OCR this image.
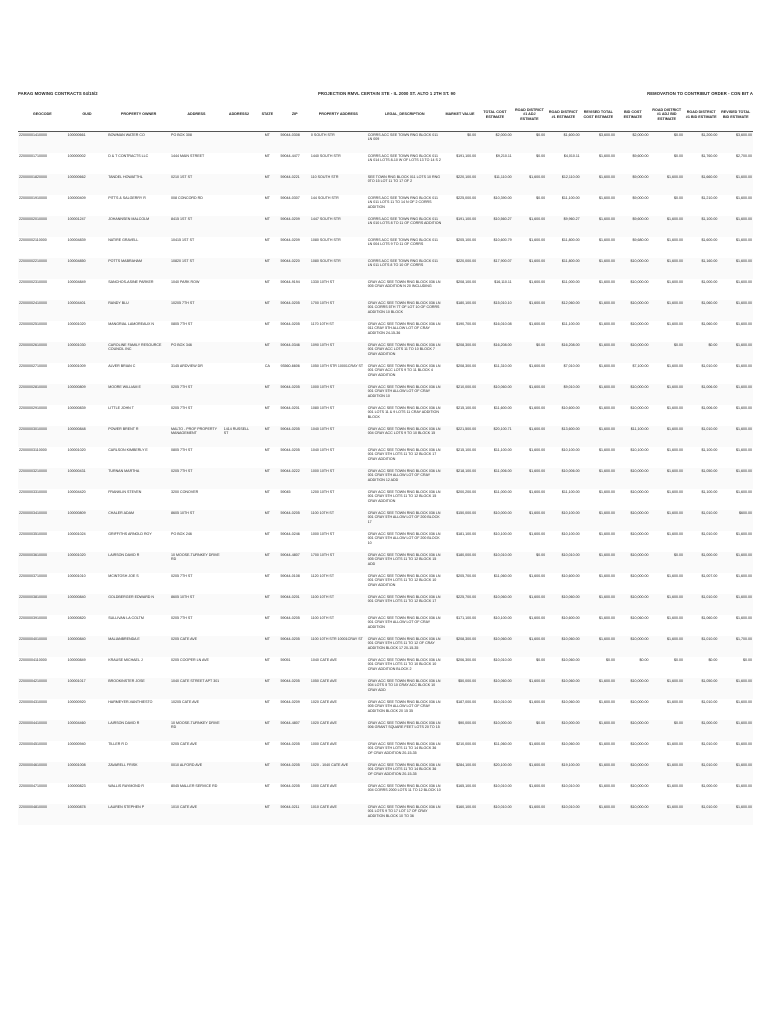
PARAG MOWING CONTRACTS 04/15/2	PROJECTION RMVL CERTAIN STE - IL 2000 ST. ALTO 1 2TH ST. 90	REMOVATION TO CONTRIBUT ORDER - CON BIT A
GEOCODE	GUID	PROPERTY OWNER	ADDRESS	ADDRESS2	STATE	ZIP	PROPERTY ADDRESS	LEGAL_DESCRIPTION	MARKET VALUE	TOTAL COST ESTIMATE	ROAD DISTRICT #1 ADJ ESTIMATE	ROAD DISTRICT #1 ESTIMATE	REVISED TOTAL COST ESTIMATE	BID COST ESTIMATE	ROAD DISTRICT #1 ADJ BID ESTIMATE	ROAD DISTRICT #1 BID ESTIMATE	REVISED TOTAL BID ESTIMATE
22000001410000	100000661	BOWMAN WATER CO	PO BOX 308		MT	59044-0308	0 SOUTH STR	CORRS ACC SEE TOWN RNG BLOCK 011 LN 009	$0.00	$2,000.00	$0.00	$1,600.00	$3,600.00	$2,000.00	$0.00	$1,200.00	$3,600.00
22000001710000	100000002	D & T CONTRACTS LLC	1444 MAIN STREET		MT	59044-4477	1440 SOUTH STR	CORRS ACC SEE TOWN RNG BLOCK 011 LN 014 LOTS 8-10 W OF LOTS 13 TO 14 S 2	$191,100.00	$9,210.11	$0.00	$4,010.11	$1,600.00	$9,600.00	$0.00	$1,760.00	$2,700.00
22000001820000	100000662	TANDEL HOWATTHL	0210 1ST ST		MT	59044-0221	110 SOUTH STR	SEE TOWN RNG BLOCK 011 LOTS 10 RNG 0TO 15 LOT 11 TO 17 OF 2	$220,100.00	$11,110.00	$1,600.00	$12,110.00	$1,600.00	$9,000.00	$1,600.00	$1,660.00	$1,600.00
22000001910000	100000409	PITTS & SALGERRY R	008 CONCORD RD		MT	59044-0307	144 SOUTH STR	CORRS ACC SEE TOWN RNG BLOCK 011 LN 011 LOTS 11 TO 14 N OF 2 CORRS ADDITION	$225,000.00	$10,390.00	$0.00	$11,100.00	$1,600.00	$9,000.00	$0.00	$1,210.00	$1,600.00
22000002010000	100001247	JOHANNSEN MALCOLM	8415 1ST ST		MT	59044-0209	1447 SOUTH STR	CORRS ACC SEE TOWN RNG BLOCK 011 LN 010 LOTS 8 TO 11 OF CORRS ADDITION	$191,100.00	$10,560.27	$1,600.00	$9,960.27	$1,600.00	$9,600.00	$1,600.00	$1,100.00	$1,600.00
22000002110000	100004839	NATIRE GRAVELL	10415 1ST ST		MT	59044-0209	1080 SOUTH STR	CORRS ACC SEE TOWN RNG BLOCK 011 LN 004 LOTS 9 TO 11 OF CORRS	$205,100.00	$10,600.79	$1,600.00	$11,800.00	$1,600.00	$9,680.00	$1,600.00	$1,600.00	$1,600.00
22000002210000	100004850	POTTS MABRAHAM	10820 1ST ST		MT	59044-0220	1080 SOUTH STR	CORRS ACC SEE TOWN RNG BLOCK 011 LN 011 LOTS 8 TO 10 OF CORRS	$220,000.00	$17,900.07	$1,600.00	$11,800.00	$1,600.00	$10,000.00	$1,600.00	$1,160.00	$1,600.00
22000002310000	100004849	SANCHOS-ASINE PARKER	1040 PARK ROW		MT	59044-9194	1330 10TH ST	CRAY ACC SEE TOWN RNG BLOCK 036 LN 005 CRAY ADDITION N 20 INCLUDING	$208,100.00	$16,110.11	$1,600.00	$11,000.00	$1,600.00	$10,000.00	$1,600.00	$1,000.00	$1,600.00
22000002410000	100004401	RANDY BLU	10205 7TH ST		MT	59044-0205	1700 10TH ST	CRAY ACC SEE TOWN RNG BLOCK 036 LN 001 CORRS 5TH 7T OF LOT 10 OF CORRS ADDITION 10 BLOCK	$180,100.00	$15,010.10	$1,600.00	$12,060.00	$1,600.00	$10,000.00	$1,600.00	$1,060.00	$1,600.00
22000002510000	100001020	MANGRIAL LAMOREAUX N	0805 7TH ST		MT	59044-0205	1170 10TH ST	CRAY ACC SEE TOWN RNG BLOCK 036 LN 011 CRAY 5TH ALLOW LOT OF CRAY ADDITION 24-15-36	$190,700.00	$16,010.08	$1,600.00	$11,100.00	$1,600.00	$10,000.00	$1,600.00	$1,060.00	$1,600.00
22000002610000	100001030	CAROLINE FAMILY RESOURCE COUNCIL INC	PO BOX 346		MT	59044-0346	1090 10TH ST	CRAY ACC SEE TOWN RNG BLOCK 036 LN 001 CRAY ACC LOTS 11 TO 10 BLOCK 7 CRAY ADDITION	$208,300.00	$16,208.00	$0.00	$16,208.00	$1,600.00	$10,000.00	$0.00	$0.00	$1,600.00
22000002710000	100001009	ALVER BRIAN C	3145 ARDVIEW DR		CA	93560-6606	1050 10TH STR 10001CRAY ST	CRAY ACC SEE TOWN RNG BLOCK 036 LN 001 CRAY ACC LOTS 9 TO 11 BLOCK 4 CRAY ADDITION	$208,300.00	$11,310.00	$1,600.00	$7,010.00	$1,600.00	$7,100.00	$1,600.00	$1,010.00	$1,600.00
22000002810000	100000809	MOORE WILLIAM E	0205 7TH ST		MT	59044-0205	1000 10TH ST	CRAY ACC SEE TOWN RNG BLOCK 036 LN 001 CRAY 5TH ALLOW LOT OF CRAY ADDITION 10	$210,000.00	$10,060.00	$1,600.00	$9,010.00	$1,600.00	$10,000.00	$1,600.00	$1,006.00	$1,600.00
22000002910000	100000839	LITTLE JOHN T	0205 7TH ST		MT	59044-0201	1080 10TH ST	CRAY ACC SEE TOWN RNG BLOCK 036 LN 001 LOTS 11 & 9 LOTS 11 CRAY ADDITION BLOCK	$215,100.00	$11,600.00	$1,600.00	$10,600.00	$1,600.00	$10,000.00	$1,600.00	$1,006.00	$1,600.00
22000003010000	100000848	POWER BRENT R	MALTO - PROF PROPERTY MANAGEMENT	1414 RUSSELL ST	MT	59044-0205	1040 10TH ST	CRAY ACC SEE TOWN RNG BLOCK 036 LN 004 CRAY ACC LOTS 9 TO 10 BLOCK 15	$221,500.00	$20,100.71	$1,600.00	$13,600.00	$1,600.00	$11,100.00	$1,600.00	$1,010.00	$1,600.00
22000003110000	100001020	CARLSON KIMBERLY E	0805 7TH ST		MT	59044-0205	1040 10TH ST	CRAY ACC SEE TOWN RNG BLOCK 036 LN 001 CRAY 5TH LOTS 11 TO 12 BLOCK 17 CRAY ADDITION	$215,100.00	$11,100.00	$1,600.00	$10,100.00	$1,600.00	$10,100.00	$1,600.00	$1,100.00	$1,600.00
22000003210000	100000431	TURNAN MARTHA	0205 7TH ST		MT	59044-0222	1000 10TH ST	CRAY ACC SEE TOWN RNG BLOCK 036 LN 001 CRAY 5TH ALLOW LOT OF CRAY ADDITION 12 ADD	$218,100.00	$11,006.00	$1,600.00	$10,006.00	$1,600.00	$10,000.00	$1,600.00	$1,050.00	$1,600.00
22000003310000	100004420	FRANKLIN STEVEN	3200 CONOVER		MT	59045	1200 10TH ST	CRAY ACC SEE TOWN RNG BLOCK 036 LN 001 CRAY 5TH LOTS 11 TO 12 BLOCK 15 CRAY ADDITION	$200,200.00	$11,000.00	$1,600.00	$11,100.00	$1,600.00	$10,000.00	$1,600.00	$1,100.00	$1,600.00
22000003410000	100000809	CHALER ADAM	8605 10TH ST		MT	59044-0205	1100 10TH ST	CRAY ACC SEE TOWN RNG BLOCK 036 LN 001 CRAY 5TH ALLOW LOT OF 200 BLOCK 17	$150,000.00	$10,000.00	$1,600.00	$10,100.00	$1,600.00	$10,000.00	$1,600.00	$1,010.00	$600.00
22000003510000	100001024	GRIFFITHS ARNOLD ROY	PO BOX 246		MT	59044-0246	1000 10TH ST	CRAY ACC SEE TOWN RNG BLOCK 036 LN 001 CRAY 5TH ALLOW LOT OF 200 BLOCK 10	$181,100.00	$10,100.00	$1,600.00	$10,100.00	$1,600.00	$10,000.00	$1,600.00	$1,010.00	$1,600.00
22000003610000	100001020	LAIRSON DAVID R	10 MOOSE-TURNKEY DRIVE RD		MT	59044-4807	1700 10TH ST	CRAY ACC SEE TOWN RNG BLOCK 036 LN 005 CRAY 5TH LOTS 11 TO 12 BLOCK 15 ADD	$180,000.00	$10,010.00	$0.00	$10,010.00	$1,600.00	$10,000.00	$0.00	$1,000.00	$1,600.00
22000003710000	100001010	MCINTOSH JOE S	0205 7TH ST		MT	59044-0108	1120 10TH ST	CRAY ACC SEE TOWN RNG BLOCK 036 LN 001 CRAY 5TH LOTS 11 TO 12 BLOCK 10 CRAY ADDITION	$205,700.00	$11,060.00	$1,600.00	$10,600.00	$1,600.00	$10,000.00	$1,600.00	$1,007.00	$1,600.00
22000003810000	100000840	GOLDBERGER EDWARD N	8605 10TH ST		MT	59044-0201	1100 10TH ST	CRAY ACC SEE TOWN RNG BLOCK 036 LN 001 CRAY 5TH LOTS 11 TO 12 BLOCK 17	$225,700.00	$10,060.00	$1,600.00	$10,060.00	$1,600.00	$10,000.00	$1,600.00	$1,010.00	$1,600.00
22000003910000	100000820	SULLIVAN LA COLTM	0205 7TH ST		MT	59044-0205	1100 10TH ST	CRAY ACC SEE TOWN RNG BLOCK 036 LN 001 CRAY 5TH ALLOW LOT OF CRAY ADDITION	$171,100.00	$10,100.00	$1,600.00	$10,600.00	$1,600.00	$10,060.00	$1,600.00	$1,060.00	$1,600.00
22000004010000	100000840	MALIANBRENDA E	0205 CATE AVE		MT	59044-0205	1100 10TH STR 10001CRAY ST	CRAY ACC SEE TOWN RNG BLOCK 036 LN 001 CRAY 5TH LOTS 11 TO 12 OF CRAY ADDITION BLOCK 17 20-15-35	$208,300.00	$10,060.00	$1,600.00	$10,060.00	$1,600.00	$10,000.00	$1,600.00	$1,010.00	$1,700.00
22000004110000	100000849	KRAUSE MICHAEL J	0205 COOPER LN AVE		MT	59051	1040 CATE AVE	CRAY ACC SEE TOWN RNG BLOCK 036 LN 001 CRAY 5TH LOTS 11 TO 10 BLOCK 10 CRAY ADDITION BLOCK 2	$206,300.00	$10,010.00	$0.00	$10,060.00	$0.00	$0.00	$0.00	$0.00	$0.00
22000004210000	100001017	BROOKINSTER JOSE	1040 CATE STREET APT 301		MT	59044-0205	1050 CATE AVE	CRAY ACC SEE TOWN RNG BLOCK 036 LN 004 LOTS 5 TO 10 CRAY ACC BLOCK 10 CRAY ADD	$50,000.00	$10,060.00	$1,600.00	$10,060.00	$1,600.00	$10,000.00	$1,600.00	$1,050.00	$1,600.00
22000004310000	100000920	HARMEYER-VANTHIESTO	10205 CATE AVE		MT	59044-0209	1020 CATE AVE	CRAY ACC SEE TOWN RNG BLOCK 036 LN 005 CRAY 5TH ALLOW LOT OF CRAY ADDITION BLOCK 20 15 35	$187,000.00	$10,010.00	$1,600.00	$10,060.00	$1,600.00	$10,000.00	$1,600.00	$1,010.00	$1,600.00
22000004410000	100004460	LAIRSON DAVID R	10 MOOSE-TURNKEY DRIVE RD		MT	59044-4807	1020 CATE AVE	CRAY ACC SEE TOWN RNG BLOCK 036 LN 006 GRANT SQUARE FEET LOTS 20 TO 15	$90,000.00	$10,000.00	$0.00	$10,000.00	$1,600.00	$10,000.00	$0.00	$1,000.00	$1,600.00
22000004510000	100000940	TILLER R D	0205 CATE AVE		MT	59044-0205	1000 CATE AVE	CRAY ACC SEE TOWN RNG BLOCK 036 LN 001 CRAY 5TH LOTS 11 TO 14 BLOCK 36 OF CRAY ADDITION 20-15-35	$210,000.00	$11,060.00	$1,600.00	$10,060.00	$1,600.00	$10,000.00	$1,600.00	$1,010.00	$1,600.00
22000004610000	100001008	ZAVARELL FRISK	0010 ALFORD AVE		MT	59044-0205	1020 - 1040 CATE AVE	CRAY ACC SEE TOWN RNG BLOCK 036 LN 001 CRAY 5TH LOTS 11 TO 14 BLOCK 36 OF CRAY ADDITION 20-15-35	$284,100.00	$20,100.00	$1,600.00	$19,100.00	$1,600.00	$10,000.00	$1,600.00	$1,010.00	$1,600.00
22000004710000	100000823	WALLIS RAYMOND R	8045 MALLER SERVICE RD		MT	59044-0205	1000 CATE AVE	CRAY ACC SEE TOWN RNG BLOCK 036 LN 004 CORRS 2000 LOTS 11 TO 12 BLOCK 10	$165,100.00	$10,010.00	$1,600.00	$10,010.00	$1,600.00	$10,000.00	$1,600.00	$1,000.00	$1,600.00
22000004810000	100000878	LAUREN STEPHEN P	1010 CATE AVE		MT	59044-0211	1010 CATE AVE	CRAY ACC SEE TOWN RNG BLOCK 036 LN 001 LOTS 9 TO 17 LOT 17 OF CRAY ADDITION BLOCK 10 TO 36	$160,100.00	$10,010.00	$1,600.00	$10,010.00	$1,600.00	$10,000.00	$1,600.00	$1,010.00	$1,600.00
